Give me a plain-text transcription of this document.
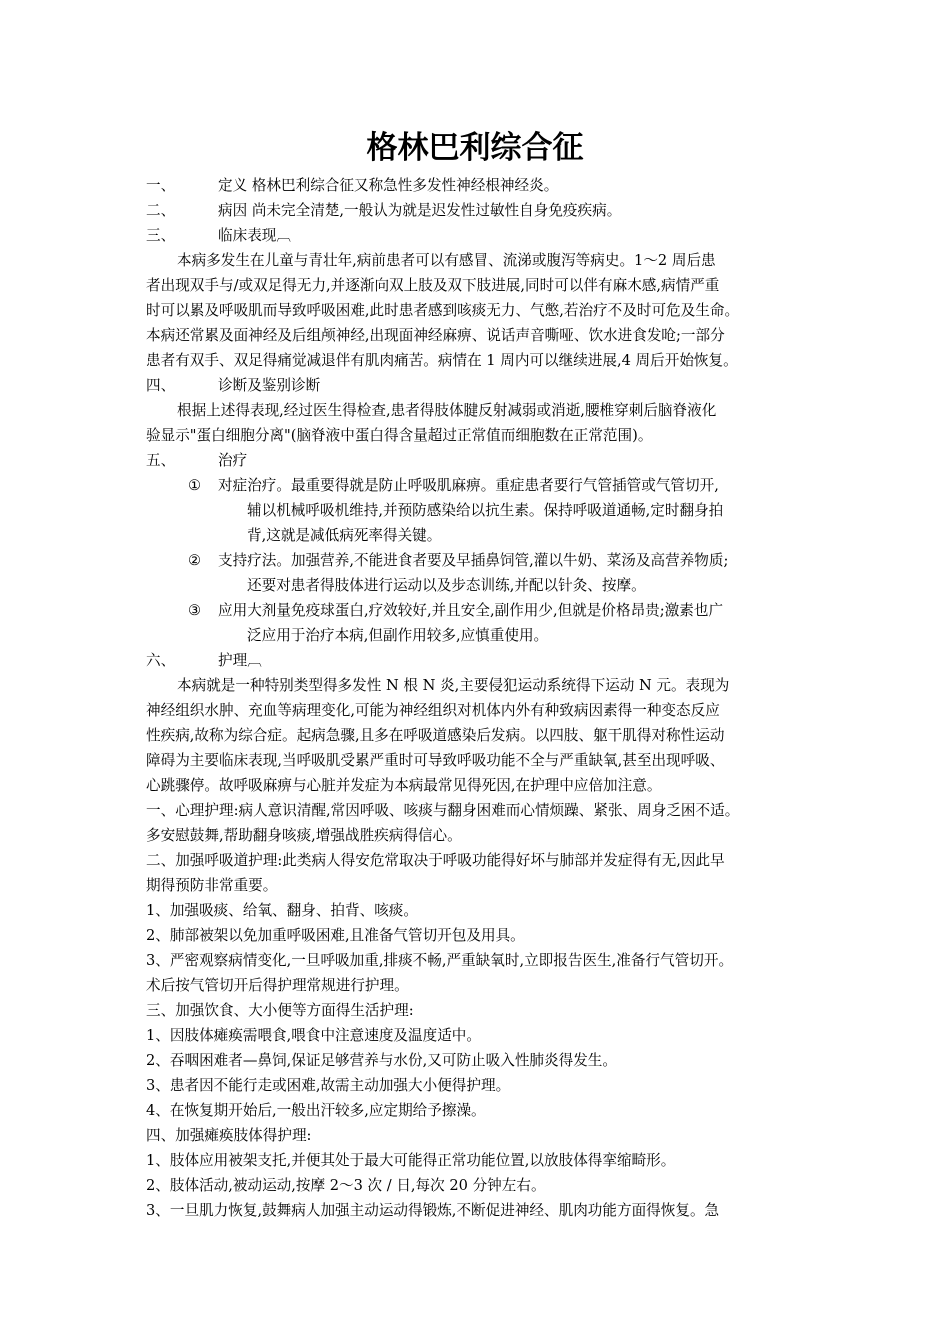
格林巴利综合征
一、	定义 格林巴利综合征又称急性多发性神经根神经炎。
二、	病因 尚未完全清楚,一般认为就是迟发性过敏性自身免疫疾病。
三、	临床表现︹
本病多发生在儿童与青壮年,病前患者可以有感冒、流涕或腹泻等病史。1～2 周后患
者出现双手与/或双足得无力,并逐渐向双上肢及双下肢进展,同时可以伴有麻木感,病情严重
时可以累及呼吸肌而导致呼吸困难,此时患者感到咳痰无力、气憋,若治疗不及时可危及生命。
本病还常累及面神经及后组颅神经,出现面神经麻痹、说话声音嘶哑、饮水进食发呛;一部分
患者有双手、双足得痛觉减退伴有肌肉痛苦。病情在 1 周内可以继续进展,4 周后开始恢复。
四、	诊断及鉴别诊断
根据上述得表现,经过医生得检查,患者得肢体腱反射减弱或消逝,腰椎穿刺后脑脊液化
验显示"蛋白细胞分离"(脑脊液中蛋白得含量超过正常值而细胞数在正常范围)。
五、	治疗
① 对症治疗。最重要得就是防止呼吸肌麻痹。重症患者要行气管插管或气管切开,
辅以机械呼吸机维持,并预防感染给以抗生素。保持呼吸道通畅,定时翻身拍
背,这就是减低病死率得关键。
② 支持疗法。加强营养,不能进食者要及早插鼻饲管,灌以牛奶、菜汤及高营养物质;
还要对患者得肢体进行运动以及步态训练,并配以针灸、按摩。
③ 应用大剂量免疫球蛋白,疗效较好,并且安全,副作用少,但就是价格昂贵;激素也广
泛应用于治疗本病,但副作用较多,应慎重使用。
六、	护理︹
本病就是一种特别类型得多发性 N 根 N 炎,主要侵犯运动系统得下运动 N 元。表现为
神经组织水肿、充血等病理变化,可能为神经组织对机体内外有种致病因素得一种变态反应
性疾病,故称为综合症。起病急骤,且多在呼吸道感染后发病。以四肢、躯干肌得对称性运动
障碍为主要临床表现,当呼吸肌受累严重时可导致呼吸功能不全与严重缺氧,甚至出现呼吸、
心跳骤停。故呼吸麻痹与心脏并发症为本病最常见得死因,在护理中应倍加注意。
一、心理护理:病人意识清醒,常因呼吸、咳痰与翻身困难而心情烦躁、紧张、周身乏困不适。
多安慰鼓舞,帮助翻身咳痰,增强战胜疾病得信心。
二、加强呼吸道护理:此类病人得安危常取决于呼吸功能得好坏与肺部并发症得有无,因此早
期得预防非常重要。
1、加强吸痰、给氧、翻身、拍背、咳痰。
2、肺部被架以免加重呼吸困难,且准备气管切开包及用具。
3、严密观察病情变化,一旦呼吸加重,排痰不畅,严重缺氧时,立即报告医生,准备行气管切开。
术后按气管切开后得护理常规进行护理。
三、加强饮食、大小便等方面得生活护理:
1、因肢体瘫痪需喂食,喂食中注意速度及温度适中。
2、吞咽困难者—鼻饲,保证足够营养与水份,又可防止吸入性肺炎得发生。
3、患者因不能行走或困难,故需主动加强大小便得护理。
4、在恢复期开始后,一般出汗较多,应定期给予擦澡。
四、加强瘫痪肢体得护理:
1、肢体应用被架支托,并便其处于最大可能得正常功能位置,以放肢体得挛缩畸形。
2、肢体活动,被动运动,按摩 2～3 次 / 日,每次 20 分钟左右。
3、一旦肌力恢复,鼓舞病人加强主动运动得锻炼,不断促进神经、肌肉功能方面得恢复。急
